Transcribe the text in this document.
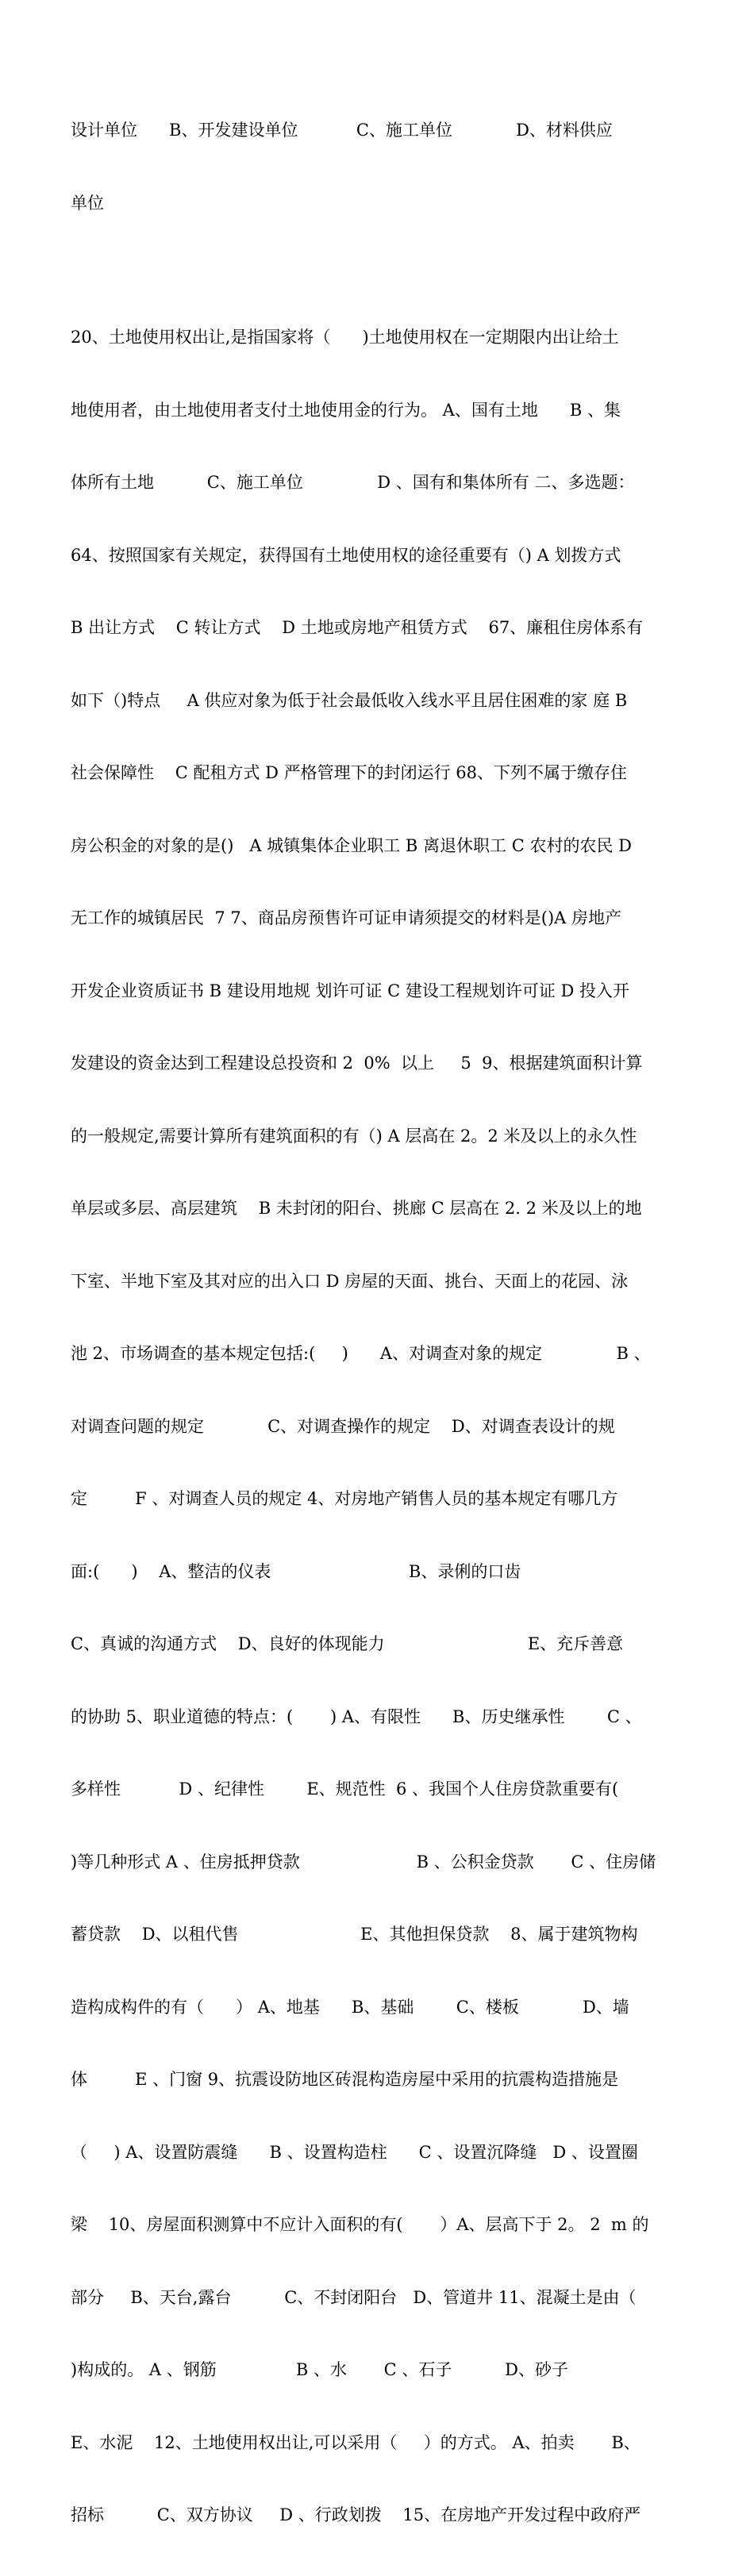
设计单位      B、开发建设单位           C、施工单位            D、材料供应

单位

20、土地使用权出让,是指国家将（      )土地使用权在一定期限内出让给土

地使用者，由土地使用者支付土地使用金的行为。 A、国有土地      B 、集

体所有土地          C、施工单位              D 、国有和集体所有 二、多选题：

64、按照国家有关规定，获得国有土地使用权的途径重要有（) A 划拨方式

B 出让方式    C 转让方式    D 土地或房地产租赁方式    67、廉租住房体系有

如下（)特点     A 供应对象为低于社会最低收入线水平且居住困难的家 庭 B

社会保障性    C 配租方式 D 严格管理下的封闭运行 68、下列不属于缴存住

房公积金的对象的是()   A 城镇集体企业职工 B 离退休职工 C 农村的农民 D

无工作的城镇居民  7 7、商品房预售许可证申请须提交的材料是()A 房地产

开发企业资质证书 B 建设用地规 划许可证 C 建设工程规划许可证 D 投入开

发建设的资金达到工程建设总投资和 2  0%  以上     5  9、根据建筑面积计算

的一般规定,需要计算所有建筑面积的有（) A 层高在 2。2 米及以上的永久性

单层或多层、高层建筑    B 未封闭的阳台、挑廊 C 层高在 2. 2 米及以上的地

下室、半地下室及其对应的出入口 D 房屋的天面、挑台、天面上的花园、泳

池 2、市场调查的基本规定包括:(     )      A、对调查对象的规定              B 、

对调查问题的规定            C、对调查操作的规定    D、对调查表设计的规

定         F 、对调查人员的规定 4、对房地产销售人员的基本规定有哪几方

面:(      )    A、整洁的仪表                          B、录俐的口齿

C、真诚的沟通方式    D、良好的体现能力                           E、充斥善意

的协助 5、职业道德的特点：(       ) A、有限性      B、历史继承性        C 、

多样性           D 、纪律性        E、规范性  6 、我国个人住房贷款重要有(

)等几种形式 A 、住房抵押贷款                      B 、公积金贷款       C 、住房储

蓄贷款    D、以租代售                       E、其他担保贷款    8、属于建筑物构

造构成构件的有（      ） A、地基      B、基础        C、楼板            D、墙

体         E 、门窗 9、抗震设防地区砖混构造房屋中采用的抗震构造措施是

（     ) A、设置防震缝      B 、设置构造柱      C 、设置沉降缝   D 、设置圈

梁    10、房屋面积测算中不应计入面积的有(       ）A、层高下于 2。 2  m 的

部分     B、天台,露台          C、不封闭阳台   D、管道井 11、混凝土是由（

)构成的。 A 、钢筋               B 、水       C 、石子          D、砂子

E、水泥    12、土地使用权出让,可以采用（     ）的方式。 A、拍卖       B、

招标          C、双方协议     D 、行政划拨    15、在房地产开发过程中政府严
